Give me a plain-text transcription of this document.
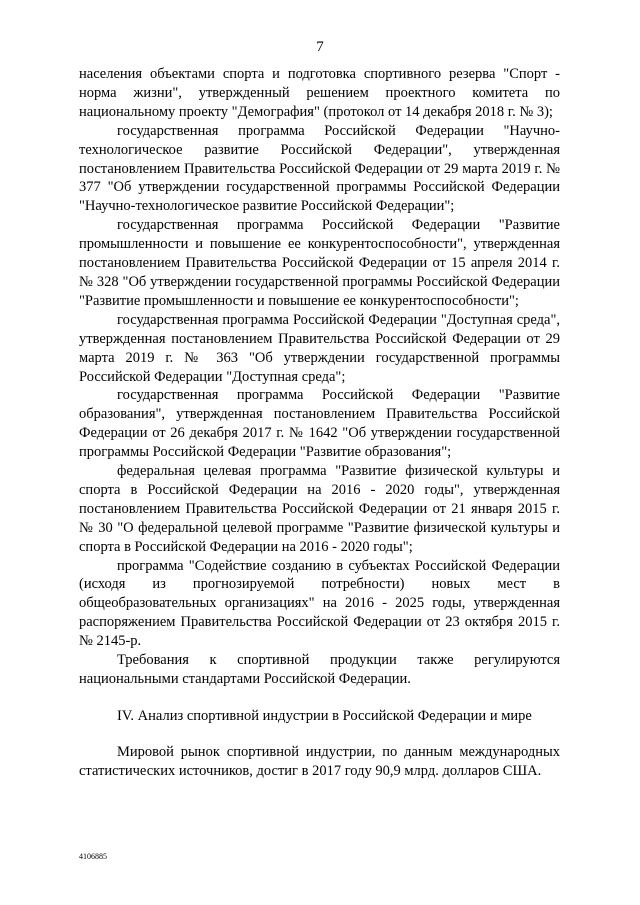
7

населения объектами спорта и подготовка спортивного резерва "Спорт - норма жизни", утвержденный решением проектного комитета по национальному проекту "Демография" (протокол от 14 декабря 2018 г. № 3);

государственная программа Российской Федерации "Научно-технологическое развитие Российской Федерации", утвержденная постановлением Правительства Российской Федерации от 29 марта 2019 г. № 377 "Об утверждении государственной программы Российской Федерации "Научно-технологическое развитие Российской Федерации";

государственная программа Российской Федерации "Развитие промышленности и повышение ее конкурентоспособности", утвержденная постановлением Правительства Российской Федерации от 15 апреля 2014 г. № 328 "Об утверждении государственной программы Российской Федерации "Развитие промышленности и повышение ее конкурентоспособности";

государственная программа Российской Федерации "Доступная среда", утвержденная постановлением Правительства Российской Федерации от 29 марта 2019 г. № 363 "Об утверждении государственной программы Российской Федерации "Доступная среда";

государственная программа Российской Федерации "Развитие образования", утвержденная постановлением Правительства Российской Федерации от 26 декабря 2017 г. № 1642 "Об утверждении государственной программы Российской Федерации "Развитие образования";

федеральная целевая программа "Развитие физической культуры и спорта в Российской Федерации на 2016 - 2020 годы", утвержденная постановлением Правительства Российской Федерации от 21 января 2015 г. № 30 "О федеральной целевой программе "Развитие физической культуры и спорта в Российской Федерации на 2016 - 2020 годы";

программа "Содействие созданию в субъектах Российской Федерации (исходя из прогнозируемой потребности) новых мест в общеобразовательных организациях" на 2016 - 2025 годы, утвержденная распоряжением Правительства Российской Федерации от 23 октября 2015 г. № 2145-р.

Требования к спортивной продукции также регулируются национальными стандартами Российской Федерации.

IV. Анализ спортивной индустрии в Российской Федерации и мире

Мировой рынок спортивной индустрии, по данным международных статистических источников, достиг в 2017 году 90,9 млрд. долларов США.

4106885
